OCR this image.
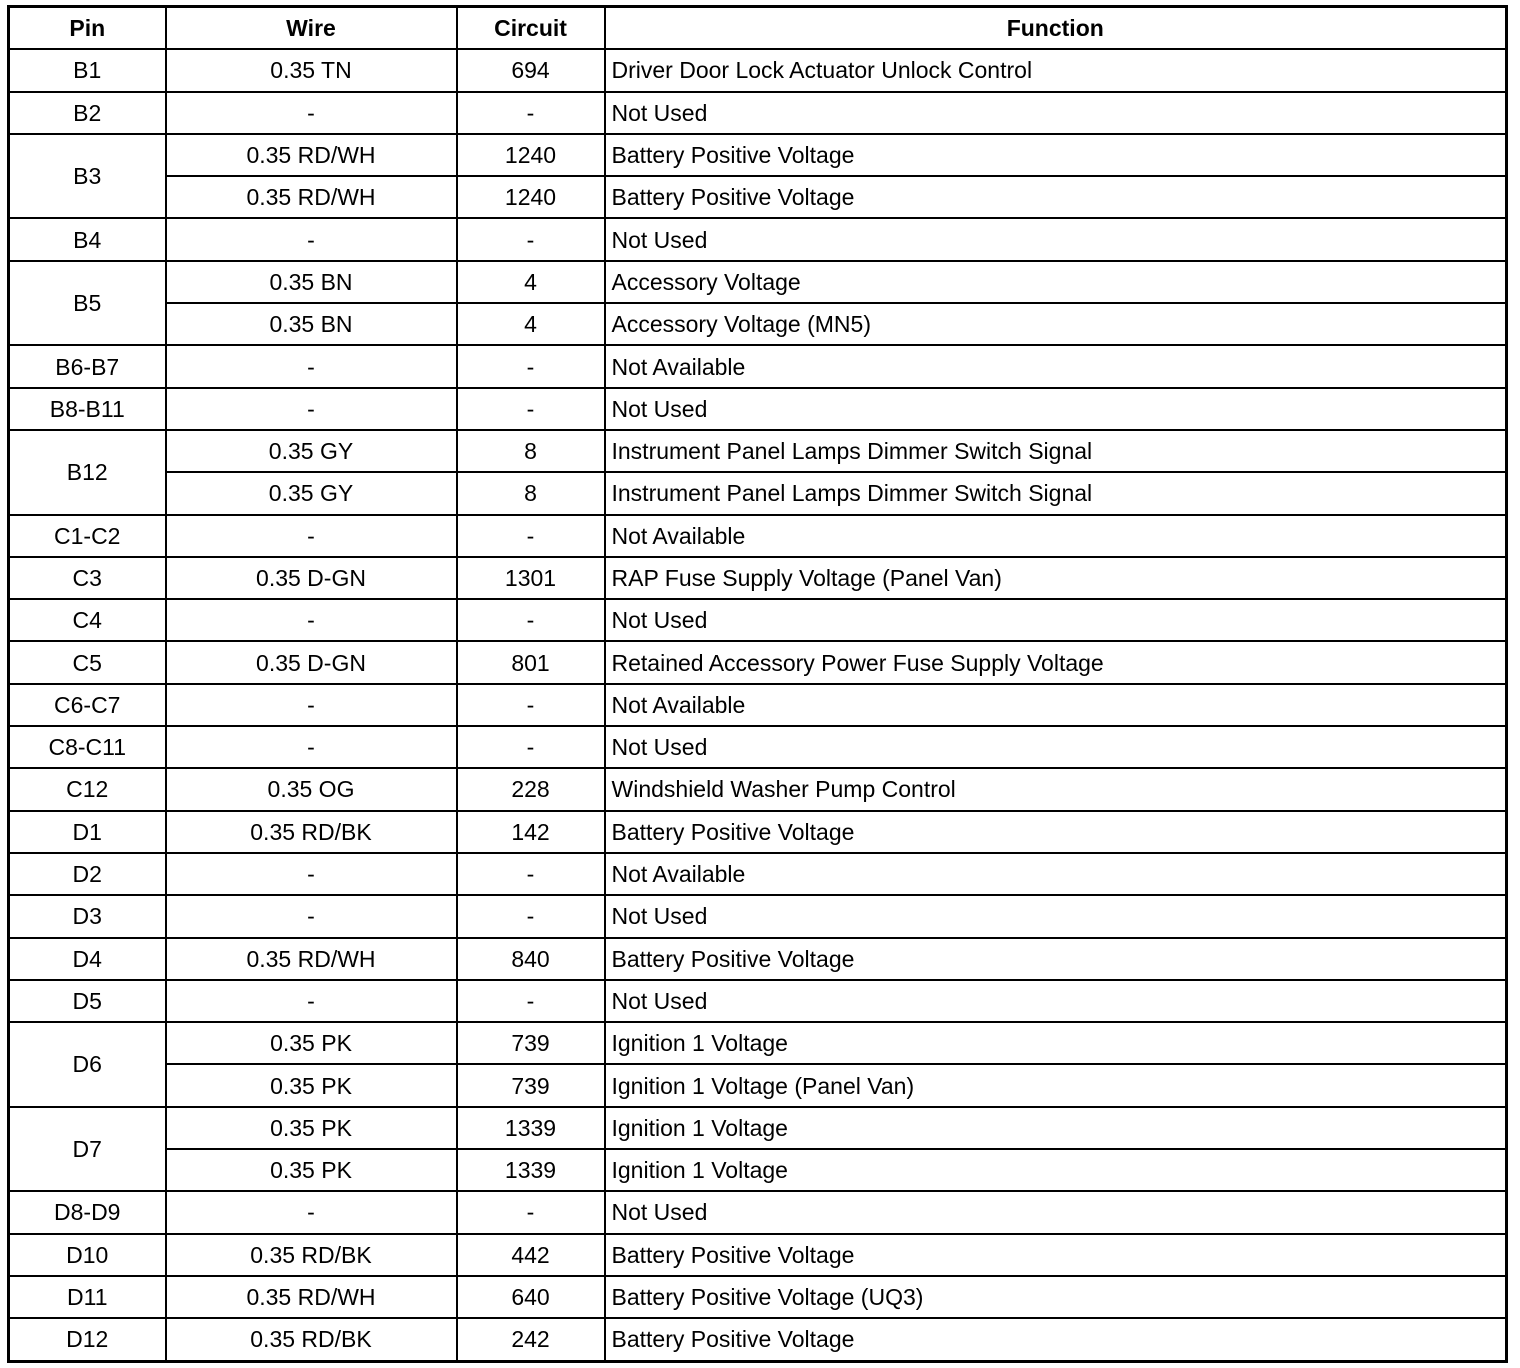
Pin	Wire	Circuit	Function
B1	0.35 TN	694	Driver Door Lock Actuator Unlock Control
B2	-	-	Not Used
B3	0.35 RD/WH	1240	Battery Positive Voltage
	0.35 RD/WH	1240	Battery Positive Voltage
B4	-	-	Not Used
B5	0.35 BN	4	Accessory Voltage
	0.35 BN	4	Accessory Voltage (MN5)
B6-B7	-	-	Not Available
B8-B11	-	-	Not Used
B12	0.35 GY	8	Instrument Panel Lamps Dimmer Switch Signal
	0.35 GY	8	Instrument Panel Lamps Dimmer Switch Signal
C1-C2	-	-	Not Available
C3	0.35 D-GN	1301	RAP Fuse Supply Voltage (Panel Van)
C4	-	-	Not Used
C5	0.35 D-GN	801	Retained Accessory Power Fuse Supply Voltage
C6-C7	-	-	Not Available
C8-C11	-	-	Not Used
C12	0.35 OG	228	Windshield Washer Pump Control
D1	0.35 RD/BK	142	Battery Positive Voltage
D2	-	-	Not Available
D3	-	-	Not Used
D4	0.35 RD/WH	840	Battery Positive Voltage
D5	-	-	Not Used
D6	0.35 PK	739	Ignition 1 Voltage
	0.35 PK	739	Ignition 1 Voltage (Panel Van)
D7	0.35 PK	1339	Ignition 1 Voltage
	0.35 PK	1339	Ignition 1 Voltage
D8-D9	-	-	Not Used
D10	0.35 RD/BK	442	Battery Positive Voltage
D11	0.35 RD/WH	640	Battery Positive Voltage (UQ3)
D12	0.35 RD/BK	242	Battery Positive Voltage
